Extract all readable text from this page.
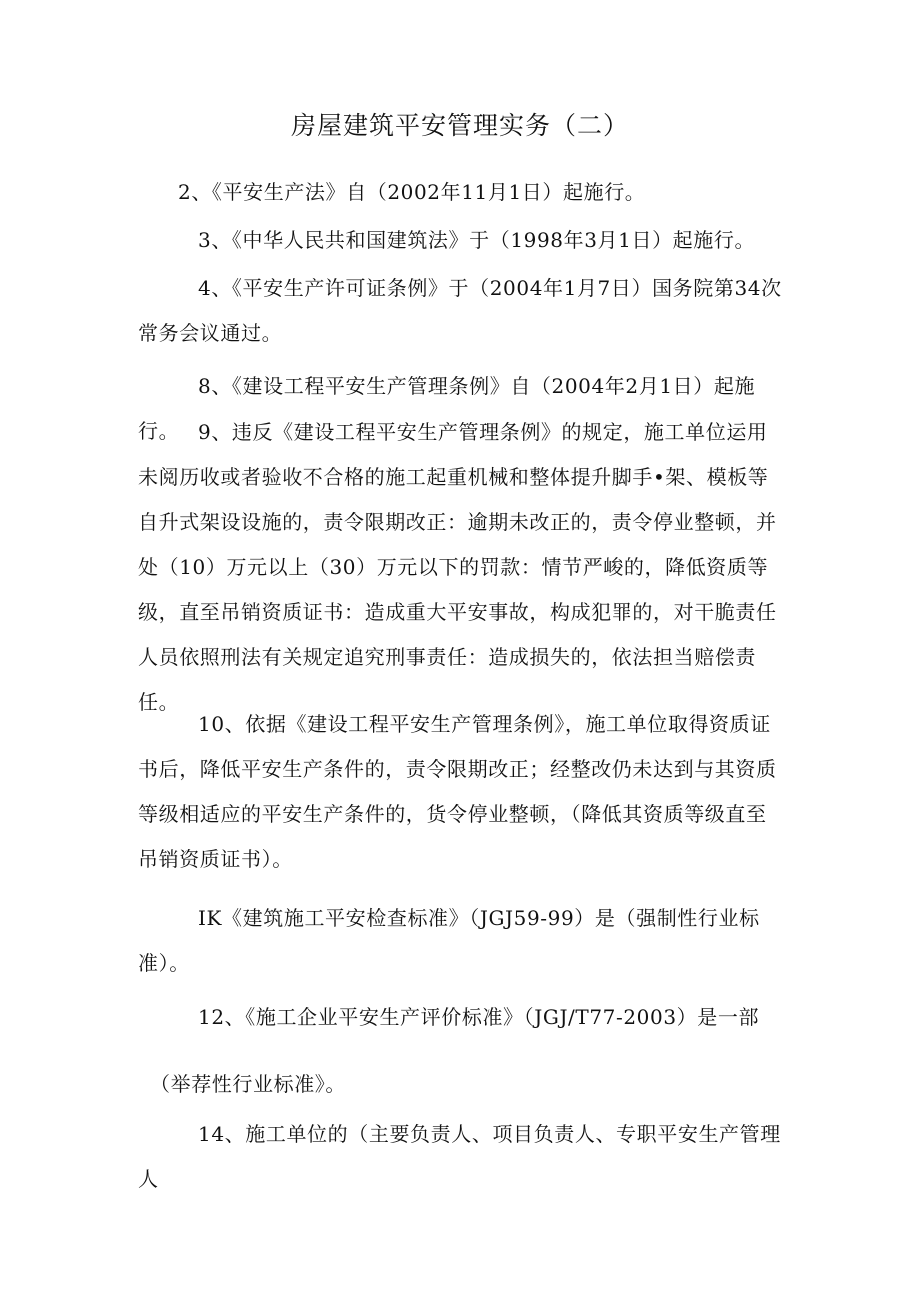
房屋建筑平安管理实务（二）
2、《平安生产法》自（2002年11月1日）起施行。
3、《中华人民共和国建筑法》于（1998年3月1日）起施行。
4、《平安生产许可证条例》于（2004年1月7日）国务院第34次常务会议通过。
8、《建设工程平安生产管理条例》自（2004年2月1日）起施行。 9、违反《建设工程平安生产管理条例》的规定，施工单位运用未阅历收或者验收不合格的施工起重机械和整体提升脚手•架、模板等自升式架设设施的，责令限期改正：逾期未改正的，责令停业整顿，并处（10）万元以上（30）万元以下的罚款：情节严峻的，降低资质等级，直至吊销资质证书：造成重大平安事故，构成犯罪的，对干脆责任人员依照刑法有关规定追究刑事责任：造成损失的，依法担当赔偿责任。
10、依据《建设工程平安生产管理条例》，施工单位取得资质证书后，降低平安生产条件的，责令限期改正；经整改仍未达到与其资质等级相适应的平安生产条件的，货令停业整顿，（降低其资质等级直至吊销资质证书）。
IK《建筑施工平安检查标准》（JGJ59-99）是（强制性行业标准）。
12、《施工企业平安生产评价标准》（JGJ/T77-2003）是一部
（举荐性行业标准》。
14、施工单位的（主要负责人、项目负责人、专职平安生产管理人
